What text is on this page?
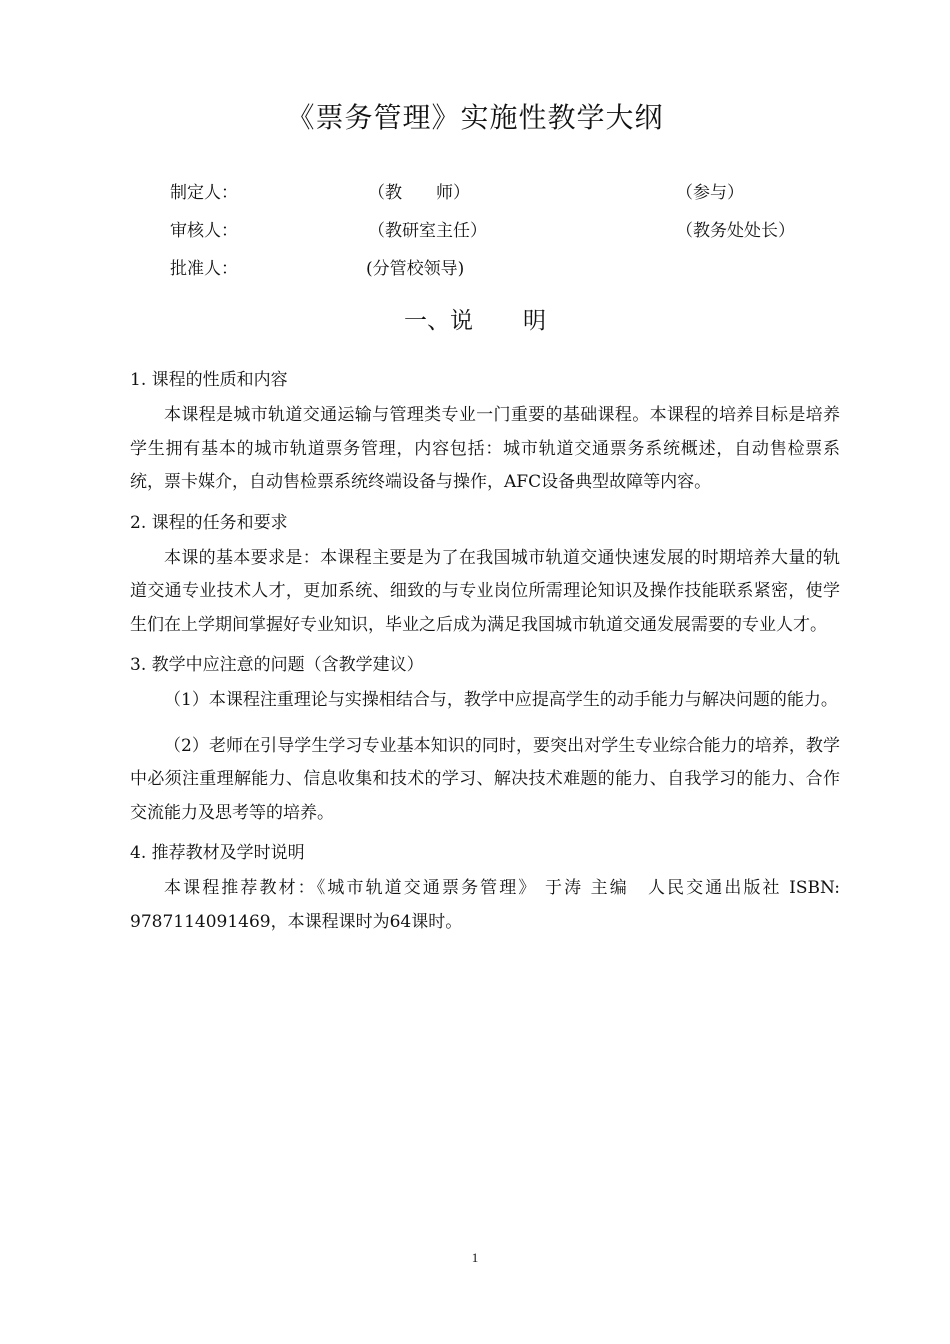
《票务管理》实施性教学大纲
制定人：	（教　　师）	（参与）
审核人：	（教研室主任）	（教务处处长）
批准人：	(分管校领导)
一、说 明
1. 课程的性质和内容
本课程是城市轨道交通运输与管理类专业一门重要的基础课程。本课程的培养目标是培养学生拥有基本的城市轨道票务管理，内容包括：城市轨道交通票务系统概述，自动售检票系统，票卡媒介，自动售检票系统终端设备与操作，AFC设备典型故障等内容。
2. 课程的任务和要求
本课的基本要求是：本课程主要是为了在我国城市轨道交通快速发展的时期培养大量的轨道交通专业技术人才，更加系统、细致的与专业岗位所需理论知识及操作技能联系紧密，使学生们在上学期间掌握好专业知识，毕业之后成为满足我国城市轨道交通发展需要的专业人才。
3. 教学中应注意的问题（含教学建议）
（1）本课程注重理论与实操相结合与，教学中应提高学生的动手能力与解决问题的能力。
（2）老师在引导学生学习专业基本知识的同时，要突出对学生专业综合能力的培养，教学中必须注重理解能力、信息收集和技术的学习、解决技术难题的能力、自我学习的能力、合作交流能力及思考等的培养。
4. 推荐教材及学时说明
本课程推荐教材：《城市轨道交通票务管理》 于涛 主编　人民交通出版社 ISBN: 9787114091469，本课程课时为64课时。
1
